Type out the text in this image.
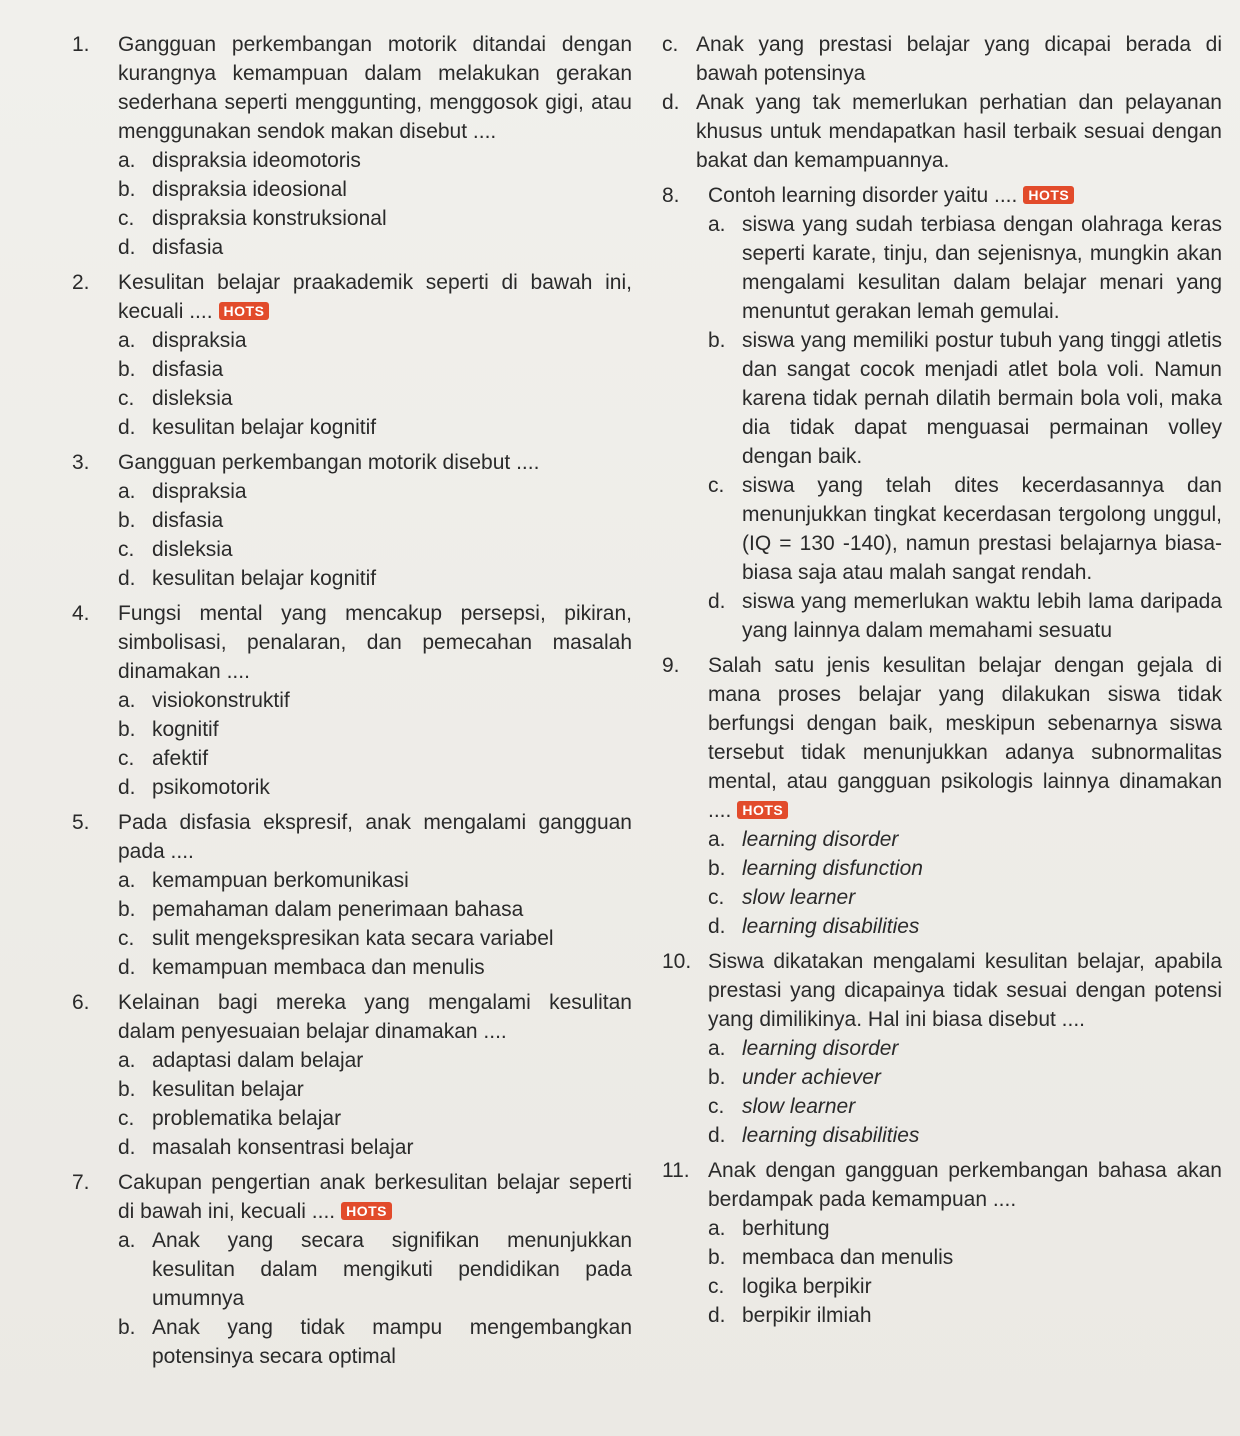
1.	Gangguan perkembangan motorik ditandai dengan kurangnya kemampuan dalam melakukan gerakan sederhana seperti menggunting, menggosok gigi, atau menggunakan sendok makan disebut ....
a. dispraksia ideomotoris
b. dispraksia ideosional
c. dispraksia konstruksional
d. disfasia
2.	Kesulitan belajar praakademik seperti di bawah ini, kecuali .... HOTS
a. dispraksia
b. disfasia
c. disleksia
d. kesulitan belajar kognitif
3.	Gangguan perkembangan motorik disebut ....
a. dispraksia
b. disfasia
c. disleksia
d. kesulitan belajar kognitif
4.	Fungsi mental yang mencakup persepsi, pikiran, simbolisasi, penalaran, dan pemecahan masalah dinamakan ....
a. visiokonstruktif
b. kognitif
c. afektif
d. psikomotorik
5.	Pada disfasia ekspresif, anak mengalami gangguan pada ....
a. kemampuan berkomunikasi
b. pemahaman dalam penerimaan bahasa
c. sulit mengekspresikan kata secara variabel
d. kemampuan membaca dan menulis
6.	Kelainan bagi mereka yang mengalami kesulitan dalam penyesuaian belajar dinamakan ....
a. adaptasi dalam belajar
b. kesulitan belajar
c. problematika belajar
d. masalah konsentrasi belajar
7.	Cakupan pengertian anak berkesulitan belajar seperti di bawah ini, kecuali .... HOTS
a. Anak yang secara signifikan menunjukkan kesulitan dalam mengikuti pendidikan pada umumnya
b. Anak yang tidak mampu mengembangkan potensinya secara optimal
c. Anak yang prestasi belajar yang dicapai berada di bawah potensinya
d. Anak yang tak memerlukan perhatian dan pelayanan khusus untuk mendapatkan hasil terbaik sesuai dengan bakat dan kemampuannya.
8.	Contoh learning disorder yaitu .... HOTS
a. siswa yang sudah terbiasa dengan olahraga keras seperti karate, tinju, dan sejenisnya, mungkin akan mengalami kesulitan dalam belajar menari yang menuntut gerakan lemah gemulai.
b. siswa yang memiliki postur tubuh yang tinggi atletis dan sangat cocok menjadi atlet bola voli. Namun karena tidak pernah dilatih bermain bola voli, maka dia tidak dapat menguasai permainan volley dengan baik.
c. siswa yang telah dites kecerdasannya dan menunjukkan tingkat kecerdasan tergolong unggul, (IQ = 130 -140), namun prestasi belajarnya biasa-biasa saja atau malah sangat rendah.
d. siswa yang memerlukan waktu lebih lama daripada yang lainnya dalam memahami sesuatu
9.	Salah satu jenis kesulitan belajar dengan gejala di mana proses belajar yang dilakukan siswa tidak berfungsi dengan baik, meskipun sebenarnya siswa tersebut tidak menunjukkan adanya subnormalitas mental, atau gangguan psikologis lainnya dinamakan .... HOTS
a. learning disorder
b. learning disfunction
c. slow learner
d. learning disabilities
10. Siswa dikatakan mengalami kesulitan belajar, apabila prestasi yang dicapainya tidak sesuai dengan potensi yang dimilikinya. Hal ini biasa disebut ....
a. learning disorder
b. under achiever
c. slow learner
d. learning disabilities
11. Anak dengan gangguan perkembangan bahasa akan berdampak pada kemampuan ....
a. berhitung
b. membaca dan menulis
c. logika berpikir
d. berpikir ilmiah
